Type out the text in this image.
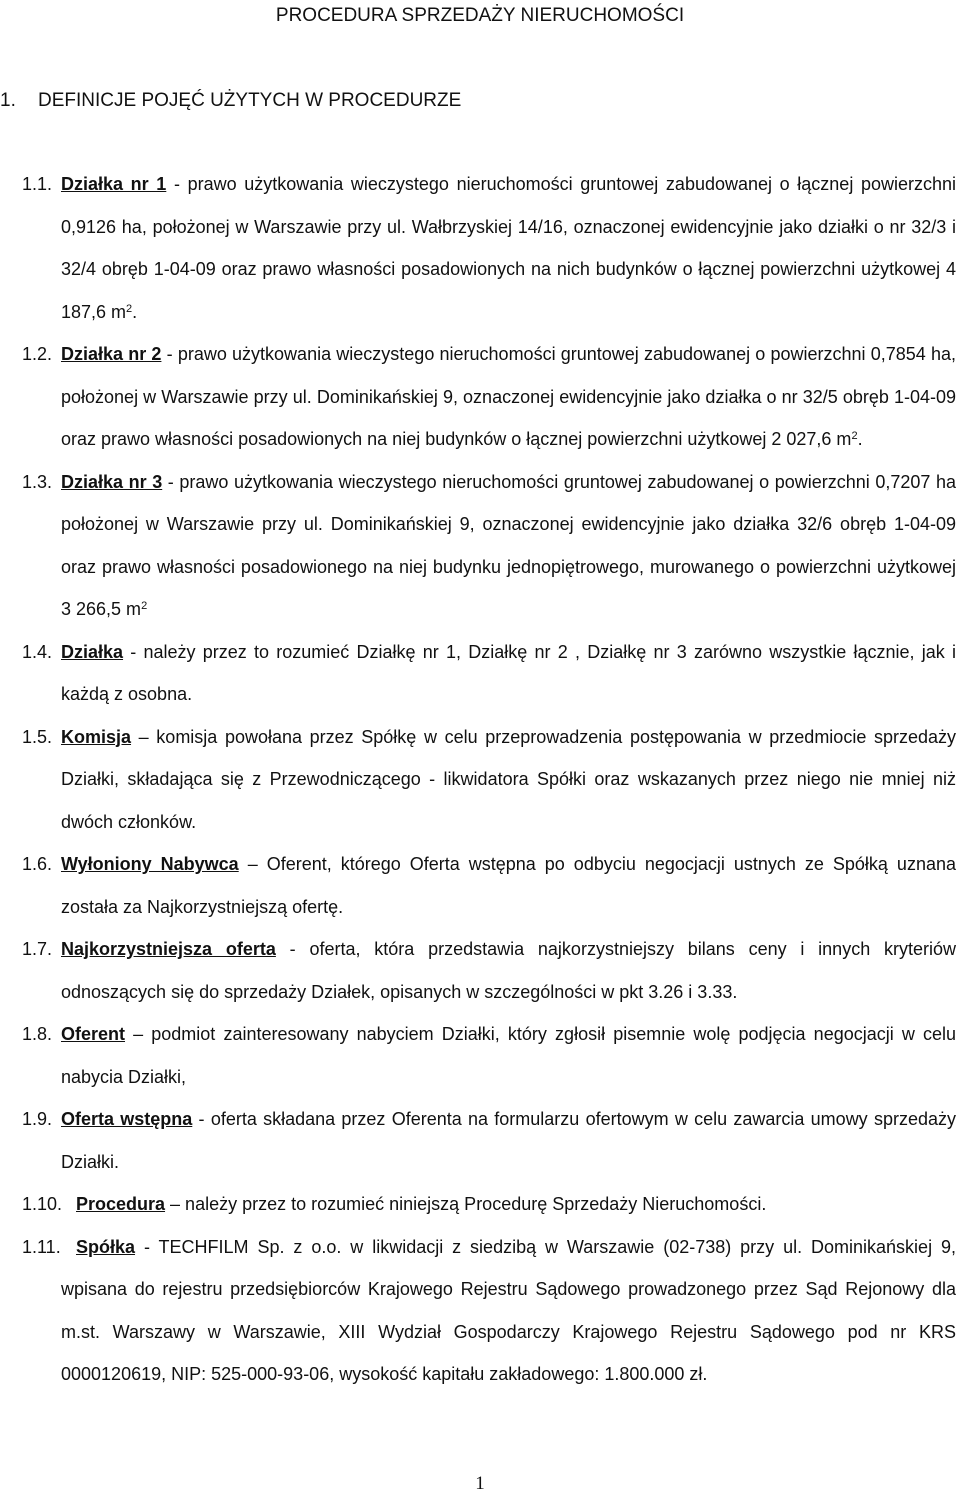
PROCEDURA SPRZEDAŻY NIERUCHOMOŚCI
1. DEFINICJE POJĘĆ UŻYTYCH W PROCEDURZE
1.1. Działka nr 1 - prawo użytkowania wieczystego nieruchomości gruntowej zabudowanej o łącznej powierzchni 0,9126 ha, położonej w Warszawie przy ul. Wałbrzyskiej 14/16, oznaczonej ewidencyjnie jako działki o nr 32/3 i 32/4 obręb 1-04-09 oraz prawo własności posadowionych na nich budynków o łącznej powierzchni użytkowej 4 187,6 $m^2$.
1.2. Działka nr 2 - prawo użytkowania wieczystego nieruchomości gruntowej zabudowanej o powierzchni 0,7854 ha, położonej w Warszawie przy ul. Dominikańskiej 9, oznaczonej ewidencyjnie jako działka o nr 32/5 obręb 1-04-09 oraz prawo własności posadowionych na niej budynków o łącznej powierzchni użytkowej 2 027,6 $m^2$.
1.3. Działka nr 3 - prawo użytkowania wieczystego nieruchomości gruntowej zabudowanej o powierzchni 0,7207 ha położonej w Warszawie przy ul. Dominikańskiej 9, oznaczonej ewidencyjnie jako działka 32/6 obręb 1-04-09 oraz prawo własności posadowionego na niej budynku jednopiętrowego, murowanego o powierzchni użytkowej 3 266,5 $m^2$
1.4. Działka - należy przez to rozumieć Działkę nr 1, Działkę nr 2 , Działkę nr 3 zarówno wszystkie łącznie, jak i każdą z osobna.
1.5. Komisja – komisja powołana przez Spółkę w celu przeprowadzenia postępowania w przedmiocie sprzedaży Działki, składająca się z Przewodniczącego - likwidatora Spółki oraz wskazanych przez niego nie mniej niż dwóch członków.
1.6. Wyłoniony Nabywca – Oferent, którego Oferta wstępna po odbyciu negocjacji ustnych ze Spółką uznana została za Najkorzystniejszą ofertę.
1.7. Najkorzystniejsza oferta - oferta, która przedstawia najkorzystniejszy bilans ceny i innych kryteriów odnoszących się do sprzedaży Działek, opisanych w szczególności w pkt 3.26 i 3.33.
1.8. Oferent – podmiot zainteresowany nabyciem Działki, który zgłosił pisemnie wolę podjęcia negocjacji w celu nabycia Działki,
1.9. Oferta wstępna - oferta składana przez Oferenta na formularzu ofertowym w celu zawarcia umowy sprzedaży Działki.
1.10. Procedura – należy przez to rozumieć niniejszą Procedurę Sprzedaży Nieruchomości.
1.11. Spółka - TECHFILM Sp. z o.o. w likwidacji z siedzibą w Warszawie (02-738) przy ul. Dominikańskiej 9, wpisana do rejestru przedsiębiorców Krajowego Rejestru Sądowego prowadzonego przez Sąd Rejonowy dla m.st. Warszawy w Warszawie, XIII Wydział Gospodarczy Krajowego Rejestru Sądowego pod nr KRS 0000120619, NIP: 525-000-93-06, wysokość kapitału zakładowego: 1.800.000 zł.
1
